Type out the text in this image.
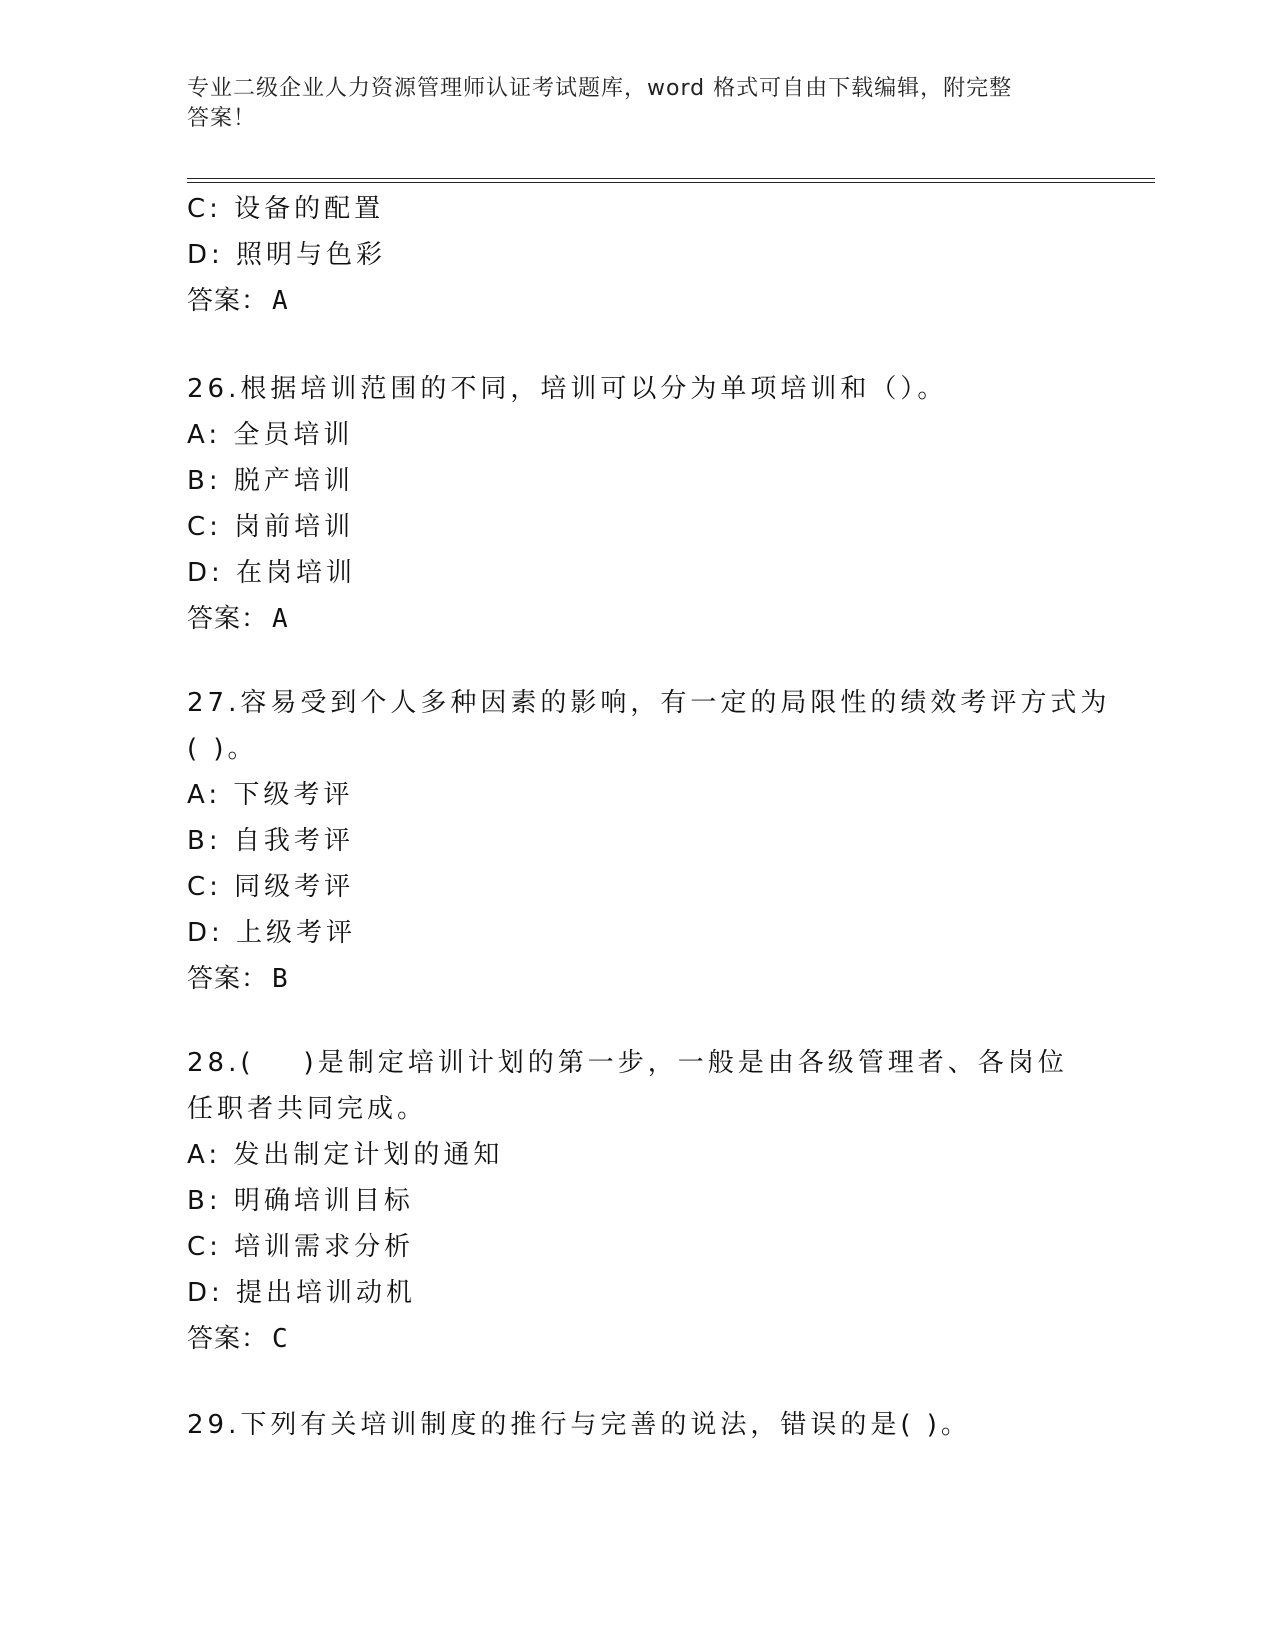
专业二级企业人力资源管理师认证考试题库，word 格式可自由下载编辑，附完整
答案！
C: 设备的配置
D: 照明与色彩
答案： A
26.根据培训范围的不同，培训可以分为单项培训和（）。
A: 全员培训
B: 脱产培训
C: 岗前培训
D: 在岗培训
答案： A
27.容易受到个人多种因素的影响，有一定的局限性的绩效考评方式为
( )。
A: 下级考评
B: 自我考评
C: 同级考评
D: 上级考评
答案： B
28.(    )是制定培训计划的第一步，一般是由各级管理者、各岗位
任职者共同完成。
A: 发出制定计划的通知
B: 明确培训目标
C: 培训需求分析
D: 提出培训动机
答案： C
29.下列有关培训制度的推行与完善的说法，错误的是( )。
